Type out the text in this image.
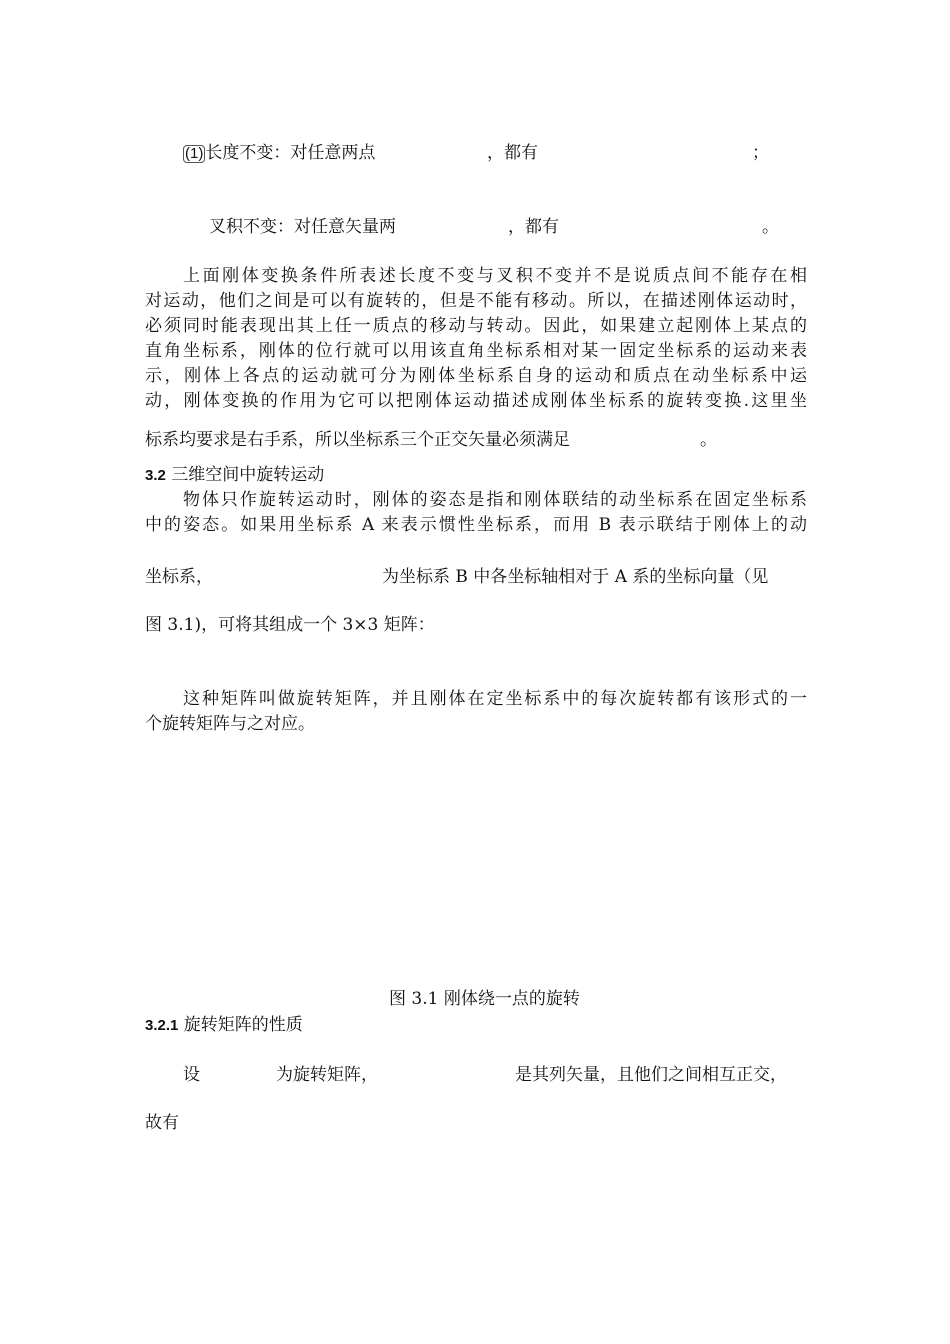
(1) 长度不变：对任意两点	，都有	；
叉积不变：对任意矢量两	，都有	。
上面刚体变换条件所表述长度不变与叉积不变并不是说质点间不能存在相
对运动，他们之间是可以有旋转的，但是不能有移动。所以，在描述刚体运动时，
必须同时能表现出其上任一质点的移动与转动。因此，如果建立起刚体上某点的
直角坐标系，刚体的位行就可以用该直角坐标系相对某一固定坐标系的运动来表
示，刚体上各点的运动就可分为刚体坐标系自身的运动和质点在动坐标系中运
动，刚体变换的作用为它可以把刚体运动描述成刚体坐标系的旋转变换.这里坐
标系均要求是右手系，所以坐标系三个正交矢量必须满足	。
3.2 三维空间中旋转运动
物体只作旋转运动时，刚体的姿态是指和刚体联结的动坐标系在固定坐标系
中的姿态。如果用坐标系 A 来表示惯性坐标系，而用 B 表示联结于刚体上的动
坐标系，	为坐标系 B 中各坐标轴相对于 A 系的坐标向量（见
图 3.1)，可将其组成一个 3×3 矩阵：
这种矩阵叫做旋转矩阵，并且刚体在定坐标系中的每次旋转都有该形式的一
个旋转矩阵与之对应。
图 3.1 刚体绕一点的旋转
3.2.1 旋转矩阵的性质
设	为旋转矩阵，	是其列矢量，且他们之间相互正交，
故有
